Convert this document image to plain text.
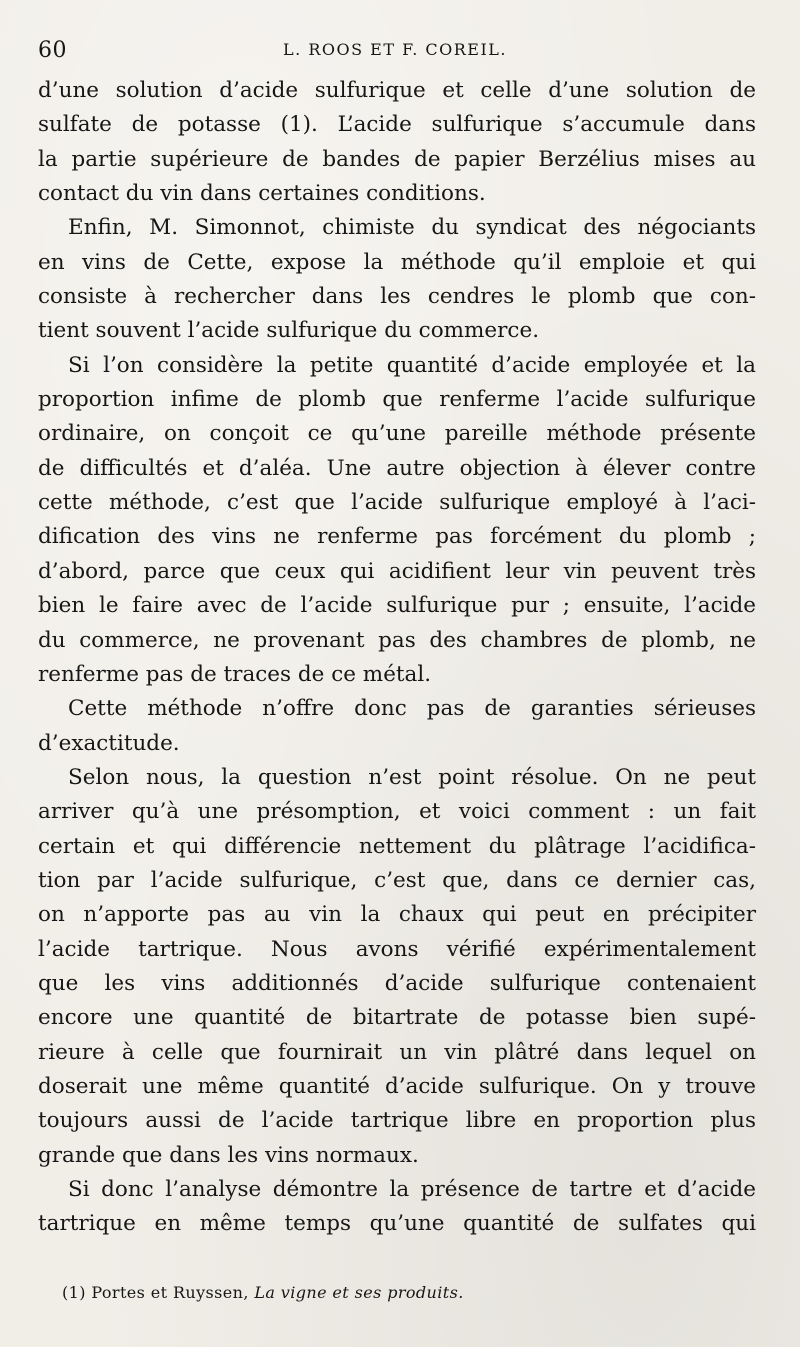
60	L. ROOS ET F. COREIL.
d’une solution d’acide sulfurique et celle d’une solution de
sulfate de potasse (1). L’acide sulfurique s’accumule dans
la partie supérieure de bandes de papier Berzélius mises au
contact du vin dans certaines conditions.
Enfin, M. Simonnot, chimiste du syndicat des négociants
en vins de Cette, expose la méthode qu’il emploie et qui
consiste à rechercher dans les cendres le plomb que con-
tient souvent l’acide sulfurique du commerce.
Si l’on considère la petite quantité d’acide employée et la
proportion infime de plomb que renferme l’acide sulfurique
ordinaire, on conçoit ce qu’une pareille méthode présente
de difficultés et d’aléa. Une autre objection à élever contre
cette méthode, c’est que l’acide sulfurique employé à l’aci-
dification des vins ne renferme pas forcément du plomb ;
d’abord, parce que ceux qui acidifient leur vin peuvent très
bien le faire avec de l’acide sulfurique pur ; ensuite, l’acide
du commerce, ne provenant pas des chambres de plomb, ne
renferme pas de traces de ce métal.
Cette méthode n’offre donc pas de garanties sérieuses
d’exactitude.
Selon nous, la question n’est point résolue. On ne peut
arriver qu’à une présomption, et voici comment : un fait
certain et qui différencie nettement du plâtrage l’acidifica-
tion par l’acide sulfurique, c’est que, dans ce dernier cas,
on n’apporte pas au vin la chaux qui peut en précipiter
l’acide tartrique. Nous avons vérifié expérimentalement
que les vins additionnés d’acide sulfurique contenaient
encore une quantité de bitartrate de potasse bien supé-
rieure à celle que fournirait un vin plâtré dans lequel on
doserait une même quantité d’acide sulfurique. On y trouve
toujours aussi de l’acide tartrique libre en proportion plus
grande que dans les vins normaux.
Si donc l’analyse démontre la présence de tartre et d’acide
tartrique en même temps qu’une quantité de sulfates qui
(1) Portes et Ruyssen, La vigne et ses produits.
